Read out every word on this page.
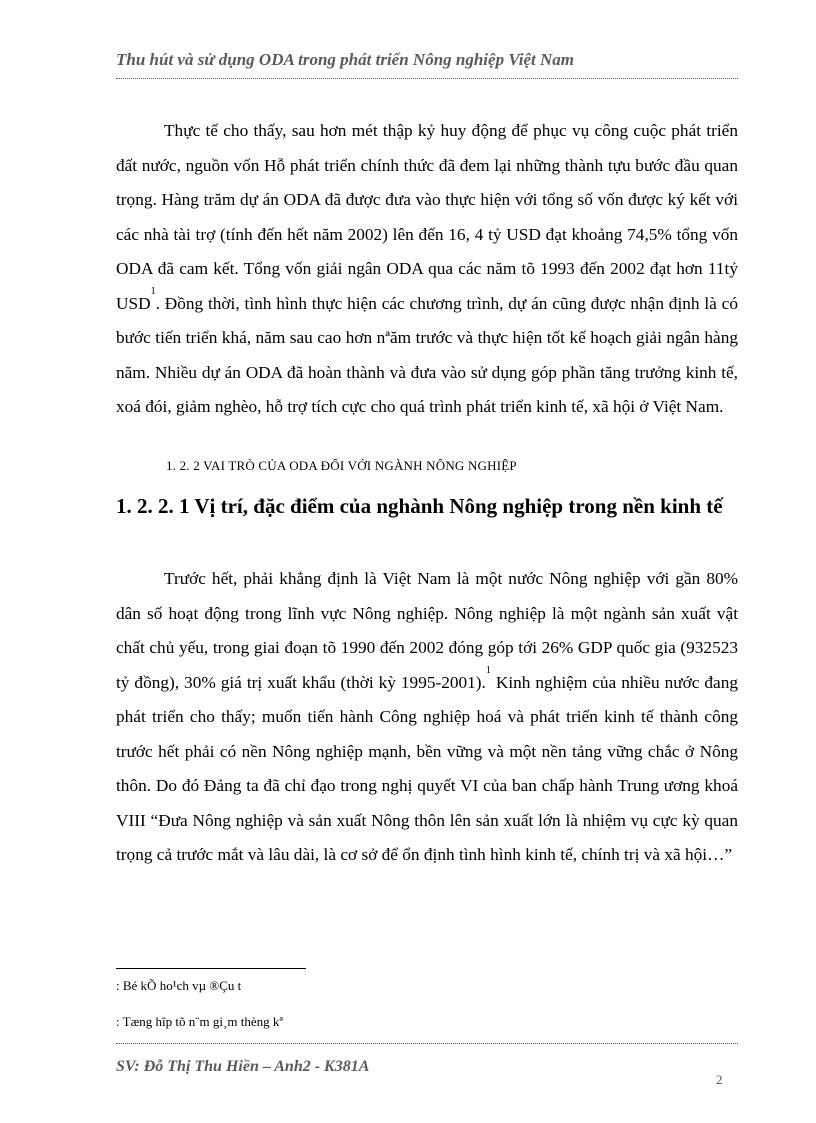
Thu hút và sử dụng ODA trong phát triển Nông nghiệp Việt Nam

Thực tế cho thấy, sau hơn mét thập kỷ huy động để phục vụ công cuộc phát triển đất nước, nguồn vốn Hỗ phát triển chính thức đã đem lại những thành tựu bước đầu quan trọng. Hàng trăm dự án ODA đã được đưa vào thực hiện với tổng số vốn được ký kết với các nhà tài trợ (tính đến hết năm 2002) lên đến 16, 4 tỷ USD đạt khoảng 74,5% tổng vốn ODA đã cam kết. Tổng vốn giải ngân ODA qua các năm tõ 1993 đến 2002 đạt hơn 11tỷ USD$^1$. Đồng thời, tình hình thực hiện các chương trình, dự án cũng được nhận định là có bước tiến triển khá, năm sau cao hơn nªăm trước và thực hiện tốt kế hoạch giải ngân hàng năm. Nhiều dự án ODA đã hoàn thành và đưa vào sử dụng góp phần tăng trưởng kinh tế, xoá đói, giảm nghèo, hỗ trợ tích cực cho quá trình phát triển kinh tế, xã hội ở Việt Nam.

1. 2. 2 VAI TRÒ CỦA ODA ĐỐI VỚI NGÀNH NÔNG NGHIỆP
1. 2. 2. 1 Vị trí, đặc điểm của nghành Nông nghiệp trong nền kinh tế

Trước hết, phải khẳng định là Việt Nam là một nước Nông nghiệp với gần 80% dân số hoạt động trong lĩnh vực Nông nghiệp. Nông nghiệp là một ngành sản xuất vật chất chủ yếu, trong giai đoạn tõ 1990 đến 2002 đóng góp tới 26% GDP quốc gia (932523 tỷ đồng), 30% giá trị xuất khẩu (thời kỳ 1995-2001).$^1$ Kinh nghiệm của nhiều nước đang phát triển cho thấy; muốn tiến hành Công nghiệp hoá và phát triển kinh tế thành công trước hết phải có nền Nông nghiệp mạnh, bền vững và một nền tảng vững chắc ở Nông thôn. Do đó Đảng ta đã chỉ đạo trong nghị quyết VI của ban chấp hành Trung ương khoá VIII “Đưa Nông nghiệp và sản xuất Nông thôn lên sản xuất lớn là nhiệm vụ cực kỳ quan trọng cả trước mắt và lâu dài, là cơ sở để ổn định tình hình kinh tế, chính trị và xã hội…”

: Bé kÕ ho¹ch vµ ®Çu t
: Tæng hîp tõ n¨m gi¸m thèng kª
SV: Đỗ Thị Thu Hiền – Anh2 - K381A
2
